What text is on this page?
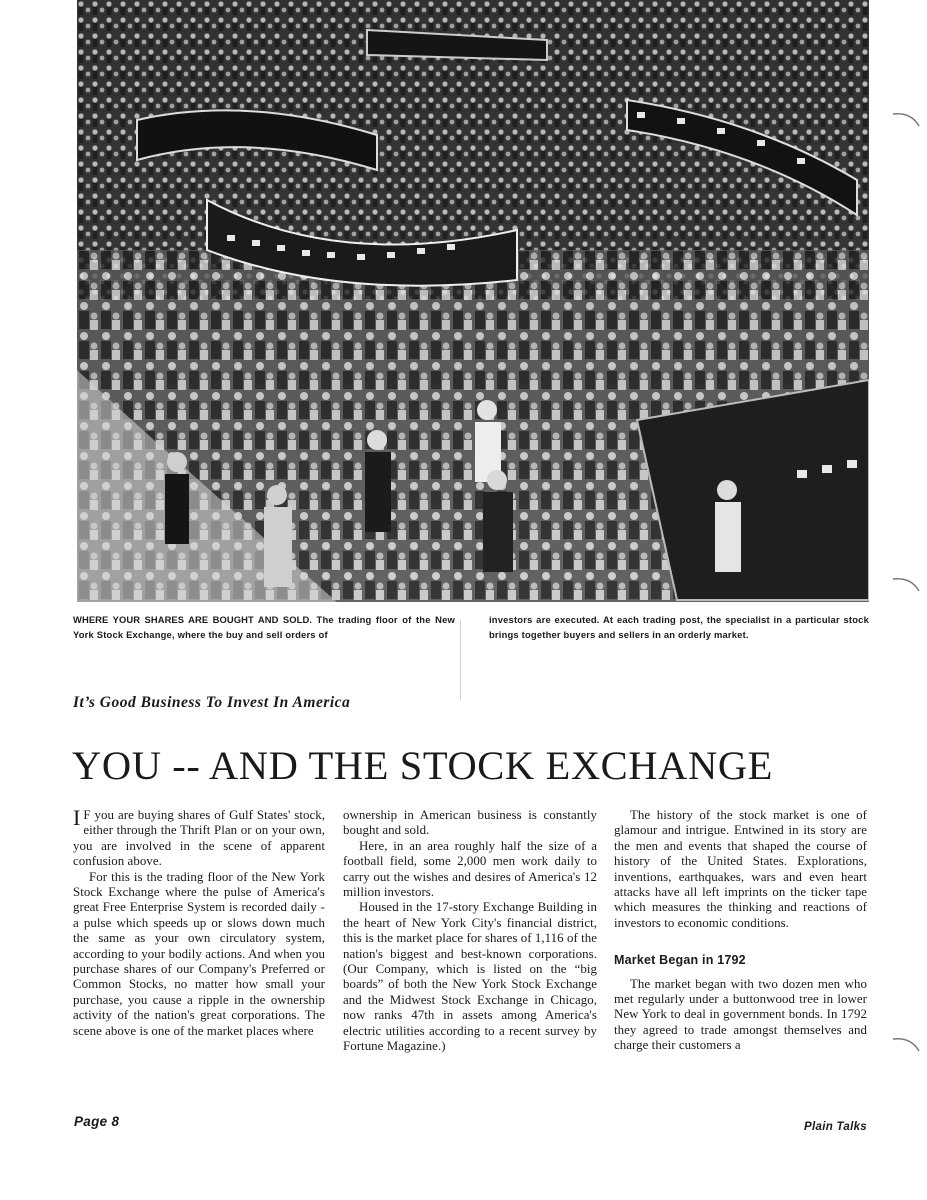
WHERE YOUR SHARES ARE BOUGHT AND SOLD. The trading floor of the New York Stock Exchange, where the buy and sell orders of
investors are executed. At each trading post, the specialist in a particular stock brings together buyers and sellers in an orderly market.
It’s Good Business To Invest In America
YOU -- AND THE STOCK EXCHANGE

I F you are buying shares of Gulf States' stock, either through the Thrift Plan or on your own, you are involved in the scene of apparent confusion above.

For this is the trading floor of the New York Stock Exchange where the pulse of America's great Free Enterprise System is recorded daily - a pulse which speeds up or slows down much the same as your own circulatory system, according to your bodily actions. And when you purchase shares of our Company's Preferred or Common Stocks, no matter how small your purchase, you cause a ripple in the ownership activity of the nation's great corporations. The scene above is one of the market places where

ownership in American business is constantly bought and sold.

Here, in an area roughly half the size of a football field, some 2,000 men work daily to carry out the wishes and desires of America's 12 million investors.

Housed in the 17-story Exchange Building in the heart of New York City's financial district, this is the market place for shares of 1,116 of the nation's biggest and best-known corporations. (Our Company, which is listed on the “big boards” of both the New York Stock Exchange and the Midwest Stock Exchange in Chicago, now ranks 47th in assets among America's electric utilities according to a recent survey by Fortune Magazine.)

The history of the stock market is one of glamour and intrigue. Entwined in its story are the men and events that shaped the course of history of the United States. Explorations, inventions, earthquakes, wars and even heart attacks have all left imprints on the ticker tape which measures the thinking and reactions of investors to economic conditions.

Market Began in 1792

The market began with two dozen men who met regularly under a buttonwood tree in lower New York to deal in government bonds. In 1792 they agreed to trade amongst themselves and charge their customers a

Page 8	Plain Talks
